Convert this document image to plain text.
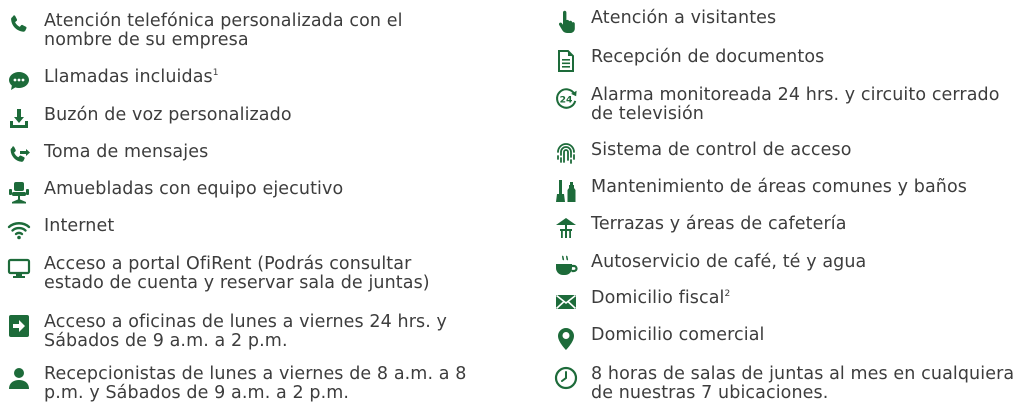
Atención telefónica personalizada con el nombre de su empresa
Llamadas incluidas$^1$
Buzón de voz personalizado
Toma de mensajes
Amuebladas con equipo ejecutivo
Internet
Acceso a portal OfiRent (Podrás consultar estado de cuenta y reservar sala de juntas)
Acceso a oficinas de lunes a viernes 24 hrs. y Sábados de 9 a.m. a 2 p.m.
Recepcionistas de lunes a viernes de 8 a.m. a 8 p.m. y Sábados de 9 a.m. a 2 p.m.
Atención a visitantes
Recepción de documentos
24 Alarma monitoreada 24 hrs. y circuito cerrado de televisión
Sistema de control de acceso
Mantenimiento de áreas comunes y baños
Terrazas y áreas de cafetería
Autoservicio de café, té y agua
Domicilio fiscal$^2$
Domicilio comercial
8 horas de salas de juntas al mes en cualquiera de nuestras 7 ubicaciones.
